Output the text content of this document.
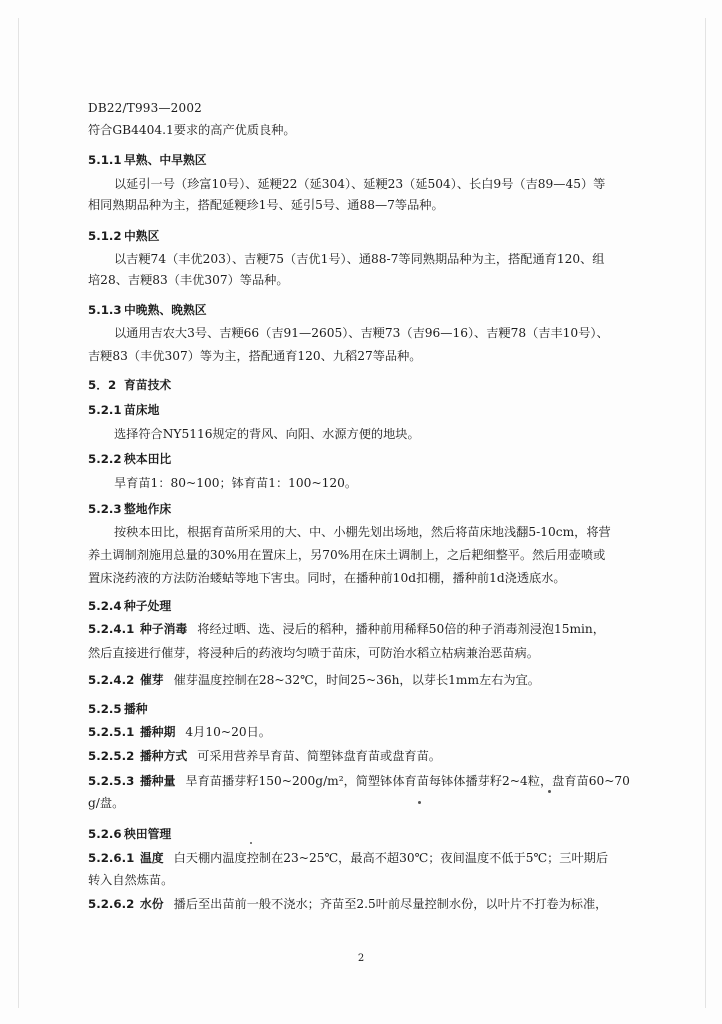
DB22/T993—2002
符合GB4404.1要求的高产优质良种。
5.1.1 早熟、中早熟区
以延引一号（珍富10号）、延粳22（延304）、延粳23（延504）、长白9号（吉89—45）等
相同熟期品种为主，搭配延粳珍1号、延引5号、通88—7等品种。
5.1.2 中熟区
以吉粳74（丰优203）、吉粳75（吉优1号）、通88-7等同熟期品种为主，搭配通育120、组
培28、吉粳83（丰优307）等品种。
5.1.3 中晚熟、晚熟区
以通用吉农大3号、吉粳66（吉91—2605）、吉粳73（吉96—16）、吉粳78（吉丰10号）、
吉粳83（丰优307）等为主，搭配通育120、九稻27等品种。
5．2 育苗技术
5.2.1 苗床地
选择符合NY5116规定的背风、向阳、水源方便的地块。
5.2.2 秧本田比
旱育苗1：80~100；钵育苗1：100~120。
5.2.3 整地作床
按秧本田比，根据育苗所采用的大、中、小棚先划出场地，然后将苗床地浅翻5-10cm，将营
养土调制剂施用总量的30%用在置床上，另70%用在床土调制上，之后耙细整平。然后用壶喷或
置床浇药液的方法防治蝼蛄等地下害虫。同时，在播种前10d扣棚，播种前1d浇透底水。
5.2.4 种子处理
5.2.4.1 种子消毒 将经过晒、选、浸后的稻种，播种前用稀释50倍的种子消毒剂浸泡15min，
然后直接进行催芽，将浸种后的药液均匀喷于苗床，可防治水稻立枯病兼治恶苗病。
5.2.4.2 催芽 催芽温度控制在28~32℃，时间25~36h，以芽长1mm左右为宜。
5.2.5 播种
5.2.5.1 播种期 4月10~20日。
5.2.5.2 播种方式 可采用营养旱育苗、简塑钵盘育苗或盘育苗。
5.2.5.3 播种量 旱育苗播芽籽150~200g/m²，简塑钵体育苗每钵体播芽籽2~4粒，盘育苗60~70
g/盘。
5.2.6 秧田管理
5.2.6.1 温度 白天棚内温度控制在23~25℃，最高不超30℃；夜间温度不低于5℃；三叶期后
转入自然炼苗。
5.2.6.2 水份 播后至出苗前一般不浇水；齐苗至2.5叶前尽量控制水份，以叶片不打卷为标准，
2
